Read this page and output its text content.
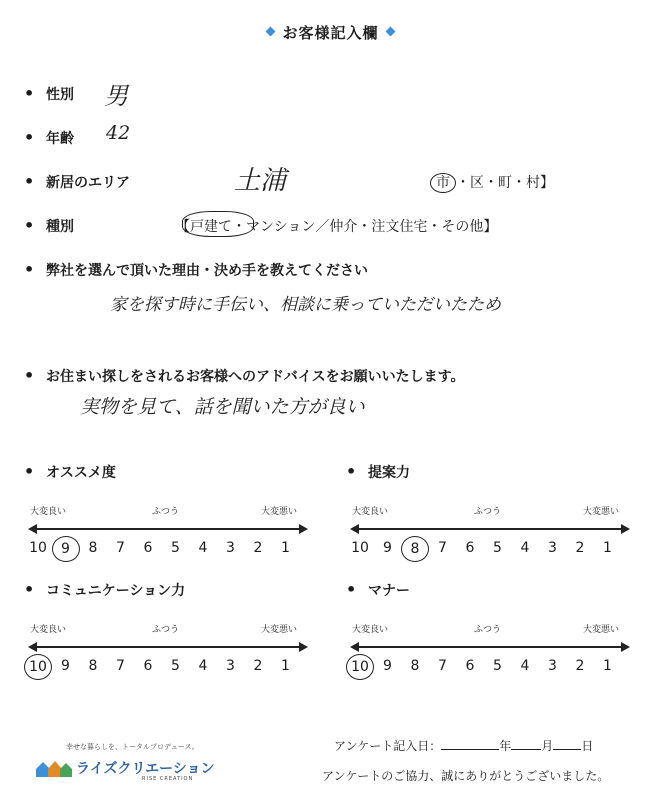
お客様記入欄
• 性別 男
• 年齢 42
• 新居のエリア	土浦	市 ・区・町・村】
• 種別	【戸建て・マンション／仲介・注文住宅・その他】
• 弊社を選んで頂いた理由・決め手を教えてください
家を探す時に手伝い、相談に乗っていただいたため
• お住まい探しをされるお客様へのアドバイスをお願いいたします。
実物を見て、話を聞いた方が良い
• オススメ度
大変良い	ふつう	大変悪い
10	9	8	7	6	5	4	3	2	1
• 提案力
大変良い	ふつう	大変悪い
10	9	8	7	6	5	4	3	2	1
• コミュニケーション力
大変良い	ふつう	大変悪い
10	9	8	7	6	5	4	3	2	1
• マナー
大変良い	ふつう	大変悪い
10	9	8	7	6	5	4	3	2	1
幸せな暮らしを、トータルプロデュース。
ライズクリエーション
RISE CREATION
アンケート記入日：	年	月 日
アンケートのご協力、誠にありがとうございました。
